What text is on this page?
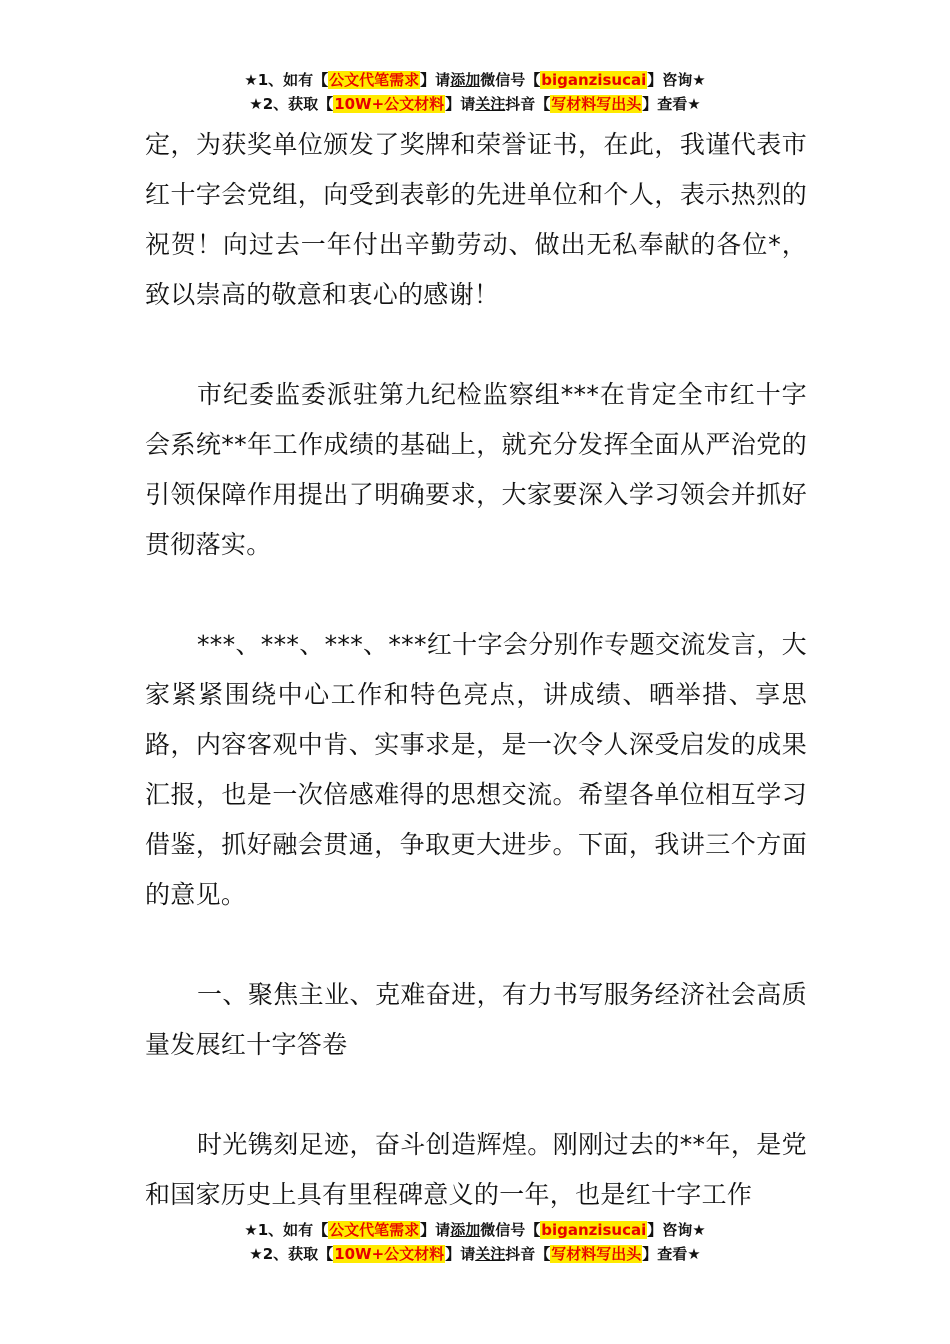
★1、如有【公文代笔需求】请添加微信号【biganzisucai】咨询★
★2、获取【10W+公文材料】请关注抖音【写材料写出头】查看★

定，为获奖单位颁发了奖牌和荣誉证书，在此，我谨代表市红十字会党组，向受到表彰的先进单位和个人，表示热烈的祝贺！向过去一年付出辛勤劳动、做出无私奉献的各位*，致以崇高的敬意和衷心的感谢！

市纪委监委派驻第九纪检监察组***在肯定全市红十字会系统**年工作成绩的基础上，就充分发挥全面从严治党的引领保障作用提出了明确要求，大家要深入学习领会并抓好贯彻落实。

***、***、***、***红十字会分别作专题交流发言，大家紧紧围绕中心工作和特色亮点，讲成绩、晒举措、享思路，内容客观中肯、实事求是，是一次令人深受启发的成果汇报，也是一次倍感难得的思想交流。希望各单位相互学习借鉴，抓好融会贯通，争取更大进步。下面，我讲三个方面的意见。

一、聚焦主业、克难奋进，有力书写服务经济社会高质量发展红十字答卷

时光镌刻足迹，奋斗创造辉煌。刚刚过去的**年，是党和国家历史上具有里程碑意义的一年，也是红十字工作

★1、如有【公文代笔需求】请添加微信号【biganzisucai】咨询★
★2、获取【10W+公文材料】请关注抖音【写材料写出头】查看★
